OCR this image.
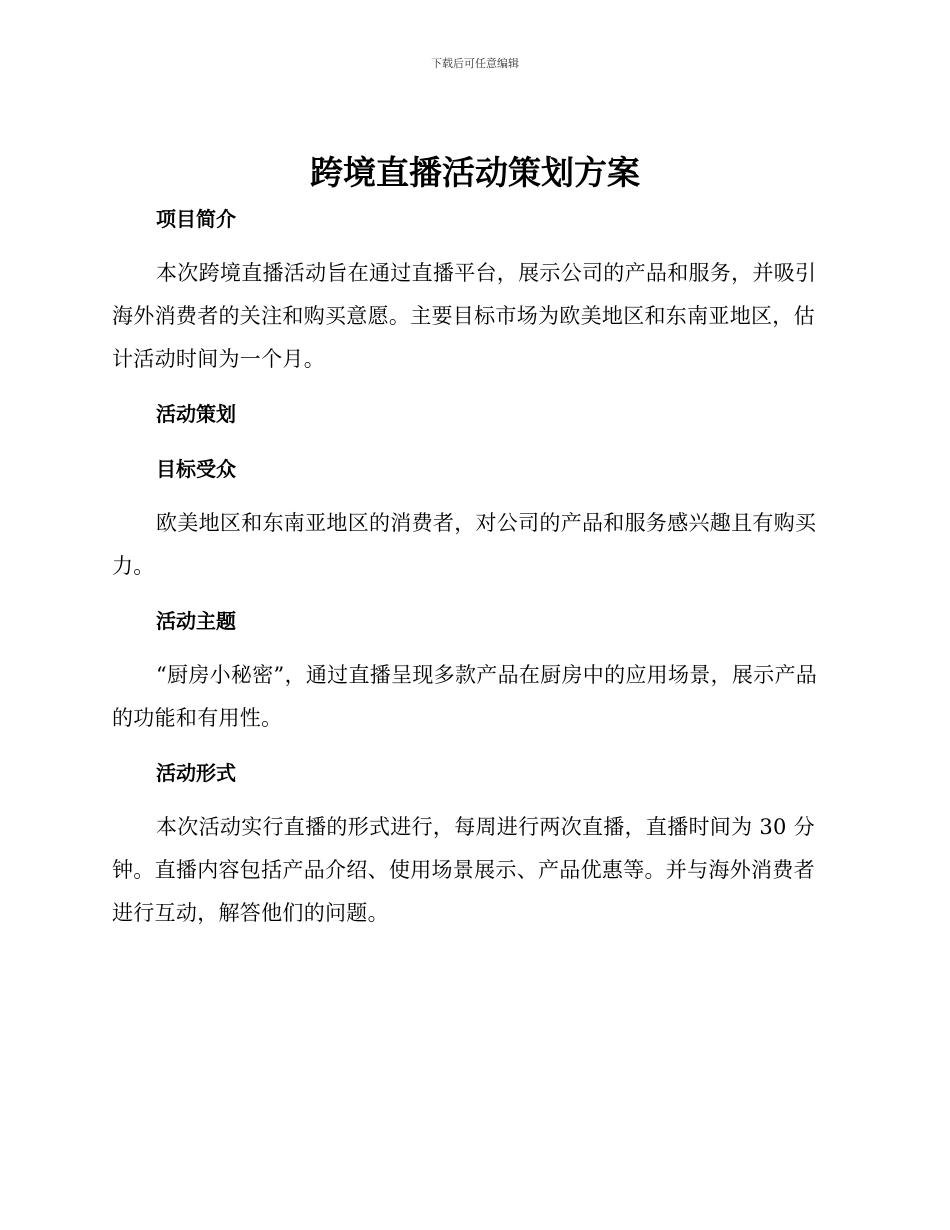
下载后可任意编辑
跨境直播活动策划方案
项目简介

本次跨境直播活动旨在通过直播平台，展示公司的产品和服务，并吸引海外消费者的关注和购买意愿。主要目标市场为欧美地区和东南亚地区，估计活动时间为一个月。

活动策划
目标受众

欧美地区和东南亚地区的消费者，对公司的产品和服务感兴趣且有购买力。

活动主题

“厨房小秘密”，通过直播呈现多款产品在厨房中的应用场景，展示产品的功能和有用性。

活动形式

本次活动实行直播的形式进行，每周进行两次直播，直播时间为 30 分钟。直播内容包括产品介绍、使用场景展示、产品优惠等。并与海外消费者进行互动，解答他们的问题。
